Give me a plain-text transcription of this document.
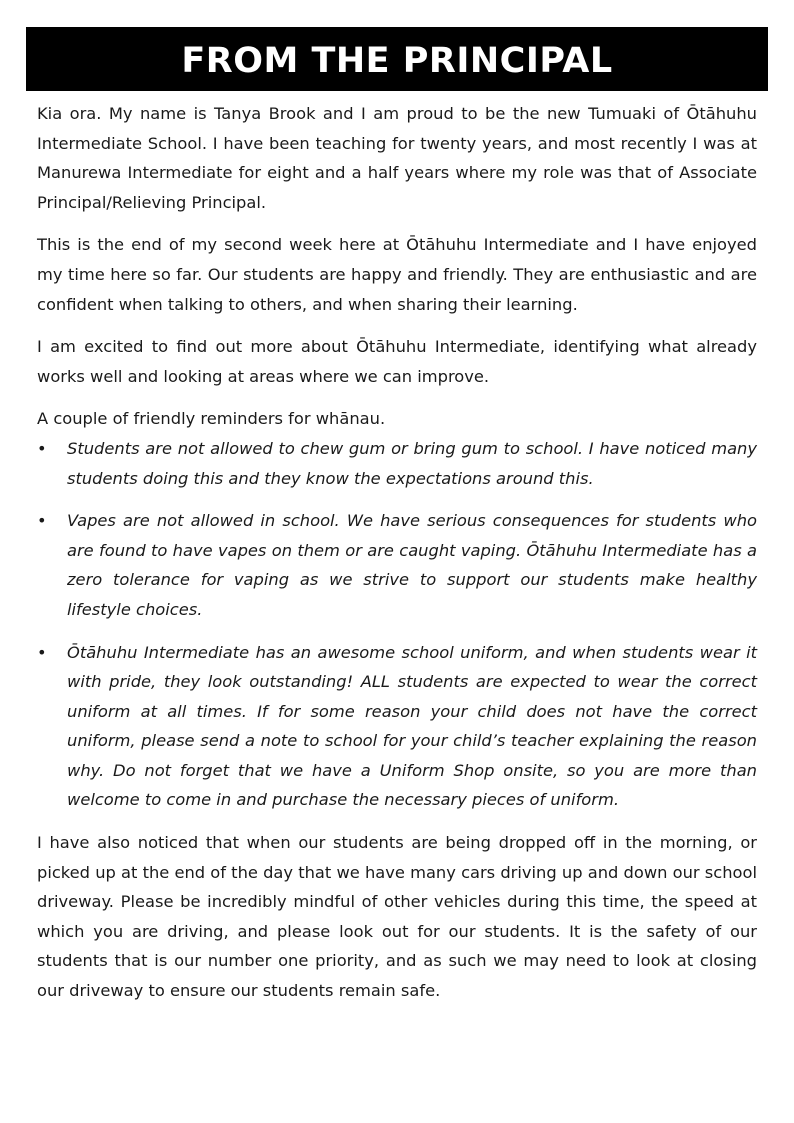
FROM THE PRINCIPAL

Kia ora. My name is Tanya Brook and I am proud to be the new Tumuaki of Ōtāhuhu Intermediate School. I have been teaching for twenty years, and most recently I was at Manurewa Intermediate for eight and a half years where my role was that of Associate Principal/Relieving Principal.

This is the end of my second week here at Ōtāhuhu Intermediate and I have enjoyed my time here so far. Our students are happy and friendly. They are enthusiastic and are confident when talking to others, and when sharing their learning.

I am excited to find out more about Ōtāhuhu Intermediate, identifying what already works well and looking at areas where we can improve.

A couple of friendly reminders for whānau.

• Students are not allowed to chew gum or bring gum to school. I have noticed many students doing this and they know the expectations around this.
• Vapes are not allowed in school. We have serious consequences for students who are found to have vapes on them or are caught vaping. Ōtāhuhu Intermediate has a zero tolerance for vaping as we strive to support our students make healthy lifestyle choices.
• Ōtāhuhu Intermediate has an awesome school uniform, and when students wear it with pride, they look outstanding! ALL students are expected to wear the correct uniform at all times. If for some reason your child does not have the correct uniform, please send a note to school for your child’s teacher explaining the reason why. Do not forget that we have a Uniform Shop onsite, so you are more than welcome to come in and purchase the necessary pieces of uniform.

I have also noticed that when our students are being dropped off in the morning, or picked up at the end of the day that we have many cars driving up and down our school driveway. Please be incredibly mindful of other vehicles during this time, the speed at which you are driving, and please look out for our students. It is the safety of our students that is our number one priority, and as such we may need to look at closing our driveway to ensure our students remain safe.
